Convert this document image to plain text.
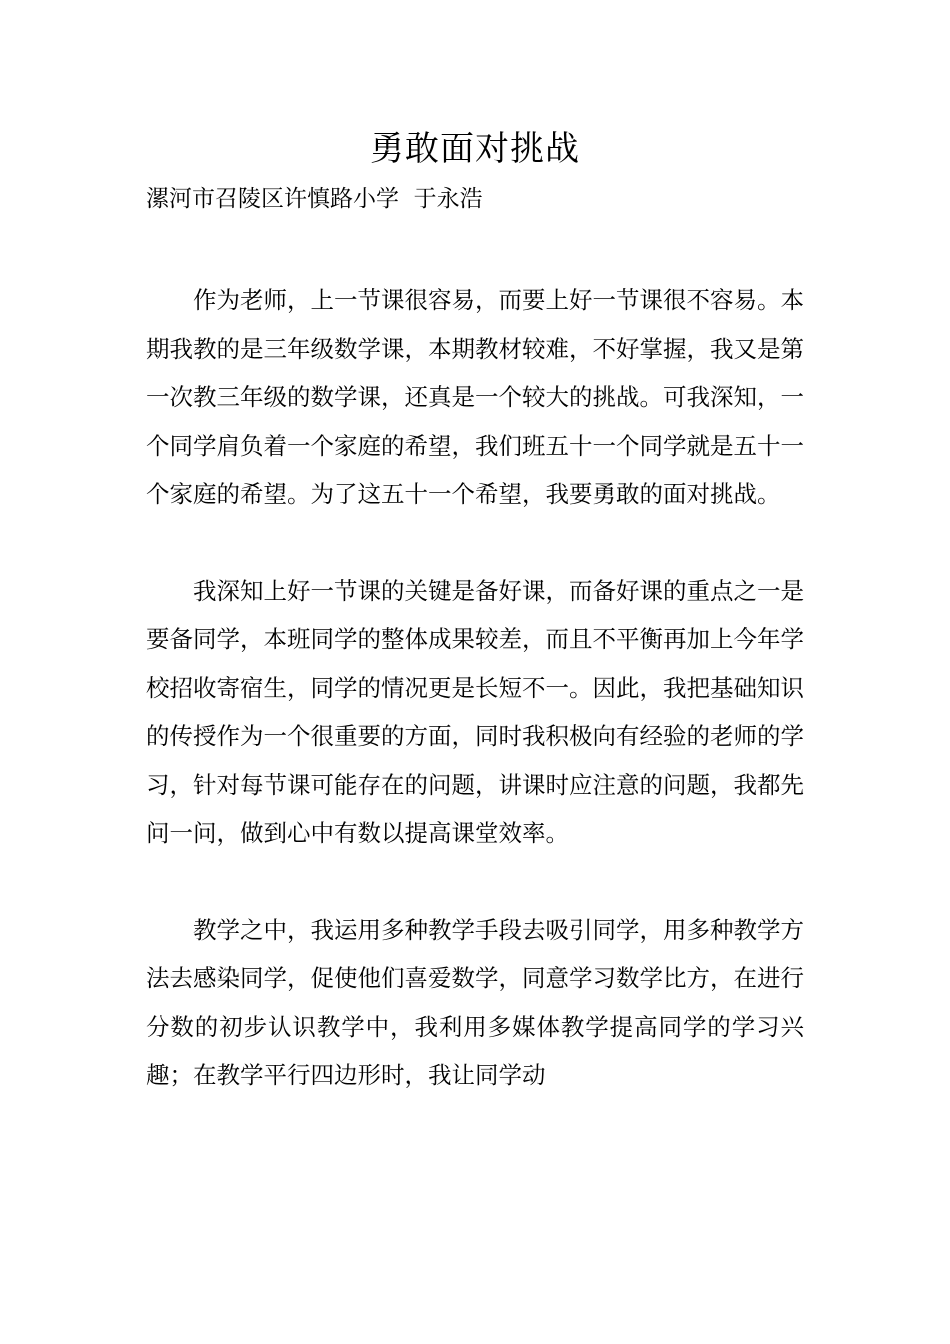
勇敢面对挑战

漯河市召陵区许慎路小学  于永浩

作为老师，上一节课很容易，而要上好一节课很不容易。本期我教的是三年级数学课，本期教材较难，不好掌握，我又是第一次教三年级的数学课，还真是一个较大的挑战。可我深知，一个同学肩负着一个家庭的希望，我们班五十一个同学就是五十一个家庭的希望。为了这五十一个希望，我要勇敢的面对挑战。

我深知上好一节课的关键是备好课，而备好课的重点之一是要备同学，本班同学的整体成果较差，而且不平衡再加上今年学校招收寄宿生，同学的情况更是长短不一。因此，我把基础知识的传授作为一个很重要的方面，同时我积极向有经验的老师的学习，针对每节课可能存在的问题，讲课时应注意的问题，我都先问一问，做到心中有数以提高课堂效率。

教学之中，我运用多种教学手段去吸引同学，用多种教学方法去感染同学，促使他们喜爱数学，同意学习数学比方，在进行分数的初步认识教学中，我利用多媒体教学提高同学的学习兴趣；在教学平行四边形时，我让同学动
